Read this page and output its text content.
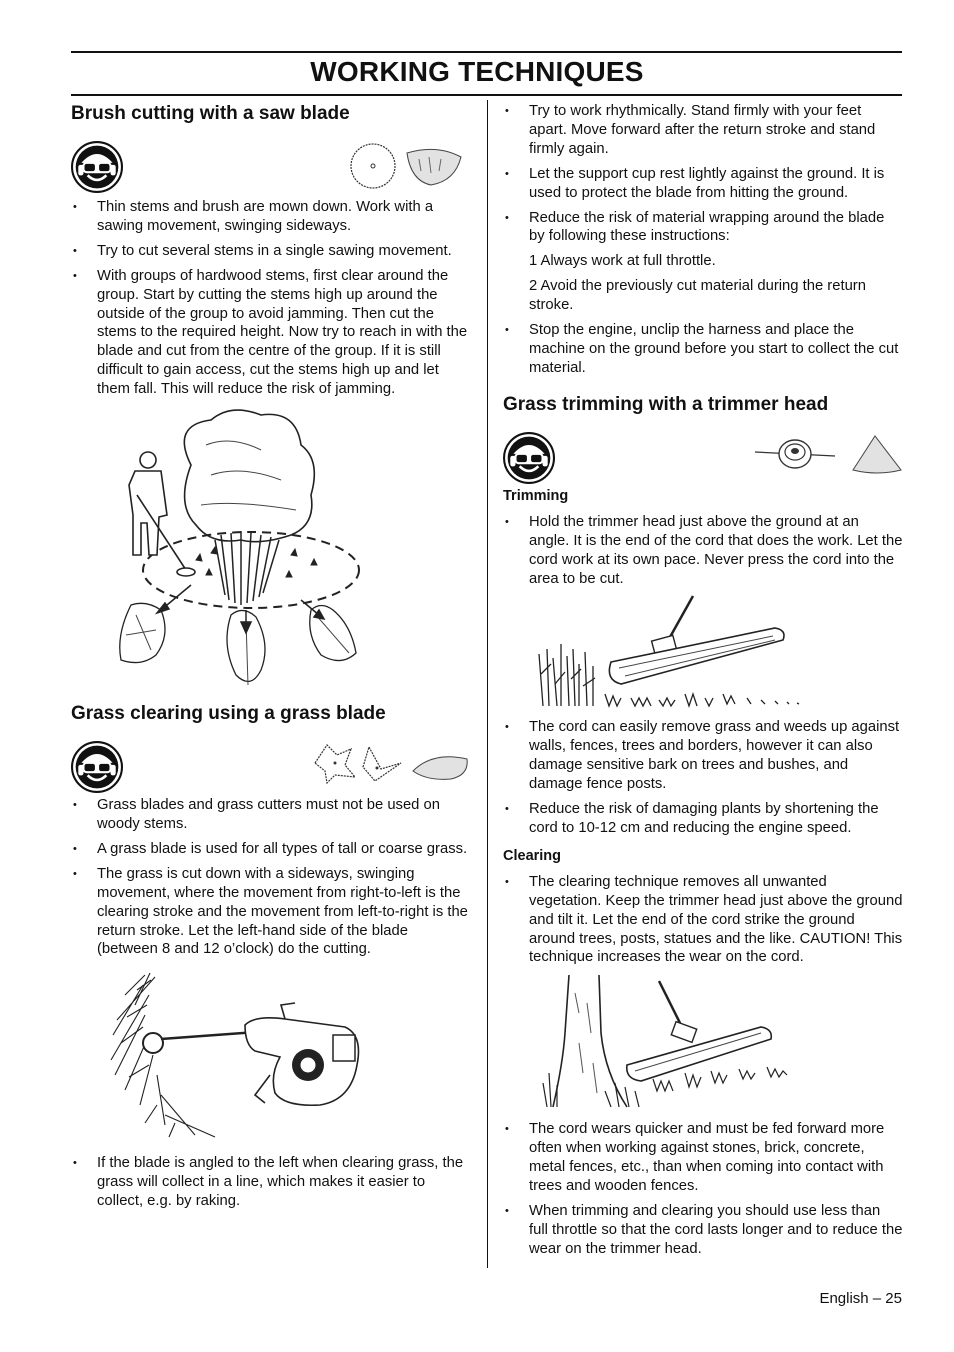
WORKING TECHNIQUES
Brush cutting with a saw blade
• Thin stems and brush are mown down. Work with a sawing movement, swinging sideways.
• Try to cut several stems in a single sawing movement.
• With groups of hardwood stems, first clear around the group. Start by cutting the stems high up around the outside of the group to avoid jamming. Then cut the stems to the required height. Now try to reach in with the blade and cut from the centre of the group. If it is still difficult to gain access, cut the stems high up and let them fall. This will reduce the risk of jamming.
Grass clearing using a grass blade
• Grass blades and grass cutters must not be used on woody stems.
• A grass blade is used for all types of tall or coarse grass.
• The grass is cut down with a sideways, swinging movement, where the movement from right-to-left is the clearing stroke and the movement from left-to-right is the return stroke. Let the left-hand side of the blade (between 8 and 12 o’clock) do the cutting.
• If the blade is angled to the left when clearing grass, the grass will collect in a line, which makes it easier to collect, e.g. by raking.
• Try to work rhythmically. Stand firmly with your feet apart. Move forward after the return stroke and stand firmly again.
• Let the support cup rest lightly against the ground. It is used to protect the blade from hitting the ground.
• Reduce the risk of material wrapping around the blade by following these instructions:

1 Always work at full throttle.

2 Avoid the previously cut material during the return stroke.

• Stop the engine, unclip the harness and place the machine on the ground before you start to collect the cut material.
Grass trimming with a trimmer head
Trimming
• Hold the trimmer head just above the ground at an angle. It is the end of the cord that does the work. Let the cord work at its own pace. Never press the cord into the area to be cut.
• The cord can easily remove grass and weeds up against walls, fences, trees and borders, however it can also damage sensitive bark on trees and bushes, and damage fence posts.
• Reduce the risk of damaging plants by shortening the cord to 10-12 cm and reducing the engine speed.
Clearing
• The clearing technique removes all unwanted vegetation. Keep the trimmer head just above the ground and tilt it. Let the end of the cord strike the ground around trees, posts, statues and the like. CAUTION! This technique increases the wear on the cord.
• The cord wears quicker and must be fed forward more often when working against stones, brick, concrete, metal fences, etc., than when coming into contact with trees and wooden fences.
• When trimming and clearing you should use less than full throttle so that the cord lasts longer and to reduce the wear on the trimmer head.
English – 25
